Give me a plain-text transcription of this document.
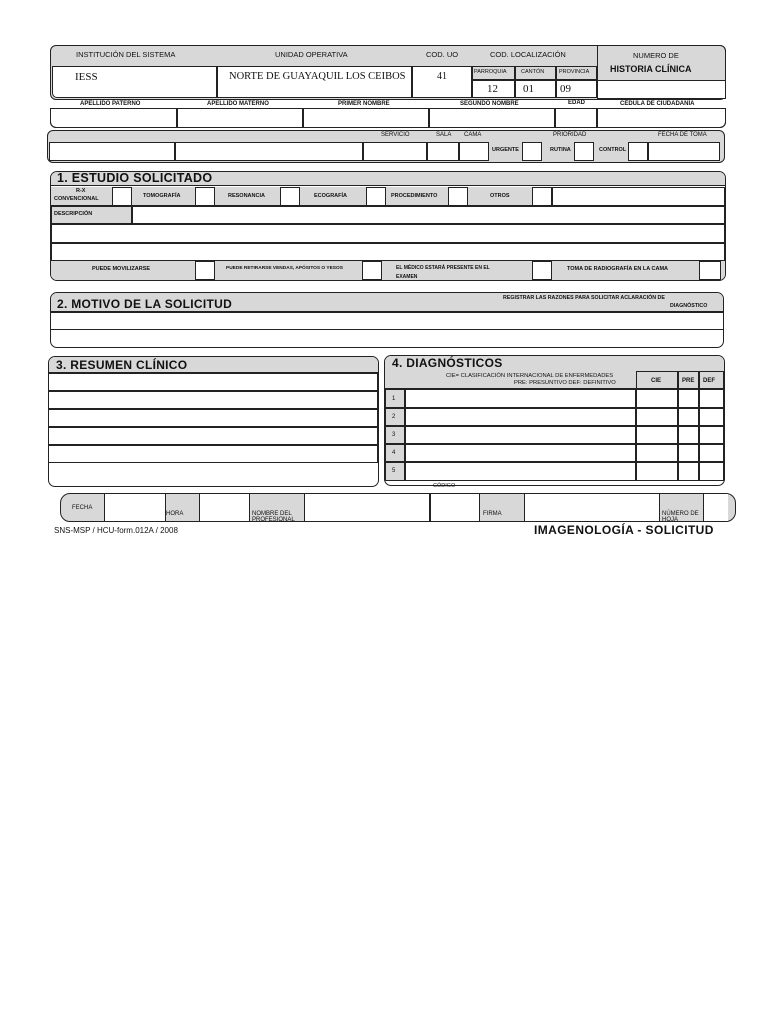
INSTITUCIÓN DEL SISTEMA	UNIDAD OPERATIVA	COD. UO	COD. LOCALIZACIÓN	NUMERO DE
HISTORIA CLÍNICA
IESS	NORTE DE GUAYAQUIL LOS CEIBOS	41	PARROQUIA	CANTÓN	PROVINCIA
12 01 09
APELLIDO PATERNO	APELLIDO MATERNO	PRIMER NOMBRE	SEGUNDO NOMBRE	EDAD	CÉDULA DE CIUDADANÍA
SERVICIO	SALA CAMA	PRIORIDAD	FECHA DE TOMA
URGENTE	RUTINA	CONTROL
1. ESTUDIO SOLICITADO
R-X
CONVENCIONAL	TOMOGRAFÍA	RESONANCIA	ECOGRAFÍA	PROCEDIMIENTO	OTROS
DESCRIPCIÓN
PUEDE MOVILIZARSE	PUEDE RETIRARSE VENDAS, APÓSITOS O YESOS	EL MÉDICO ESTARÁ PRESENTE EN EL
EXAMEN
TOMA DE RADIOGRAFÍA EN LA CAMA
2. MOTIVO DE LA SOLICITUD	REGISTRAR LAS RAZONES PARA SOLICITAR ACLARACIÓN DE
DIAGNÓSTICO
3. RESUMEN CLÍNICO	4. DIAGNÓSTICOS
CIE= CLASIFICACIÓN INTERNACIONAL DE ENFERMEDADES
PRE: PRESUNTIVO DEF: DEFINITIVO	CIE	PRE DEF
1
2
3
4
5
CÓDIGO
FECHA
HORA	NOMBRE DEL
PROFESIONAL
FIRMA	NÚMERO DE
HOJA
SNS-MSP / HCU-form.012A / 2008	IMAGENOLOGÍA - SOLICITUD
